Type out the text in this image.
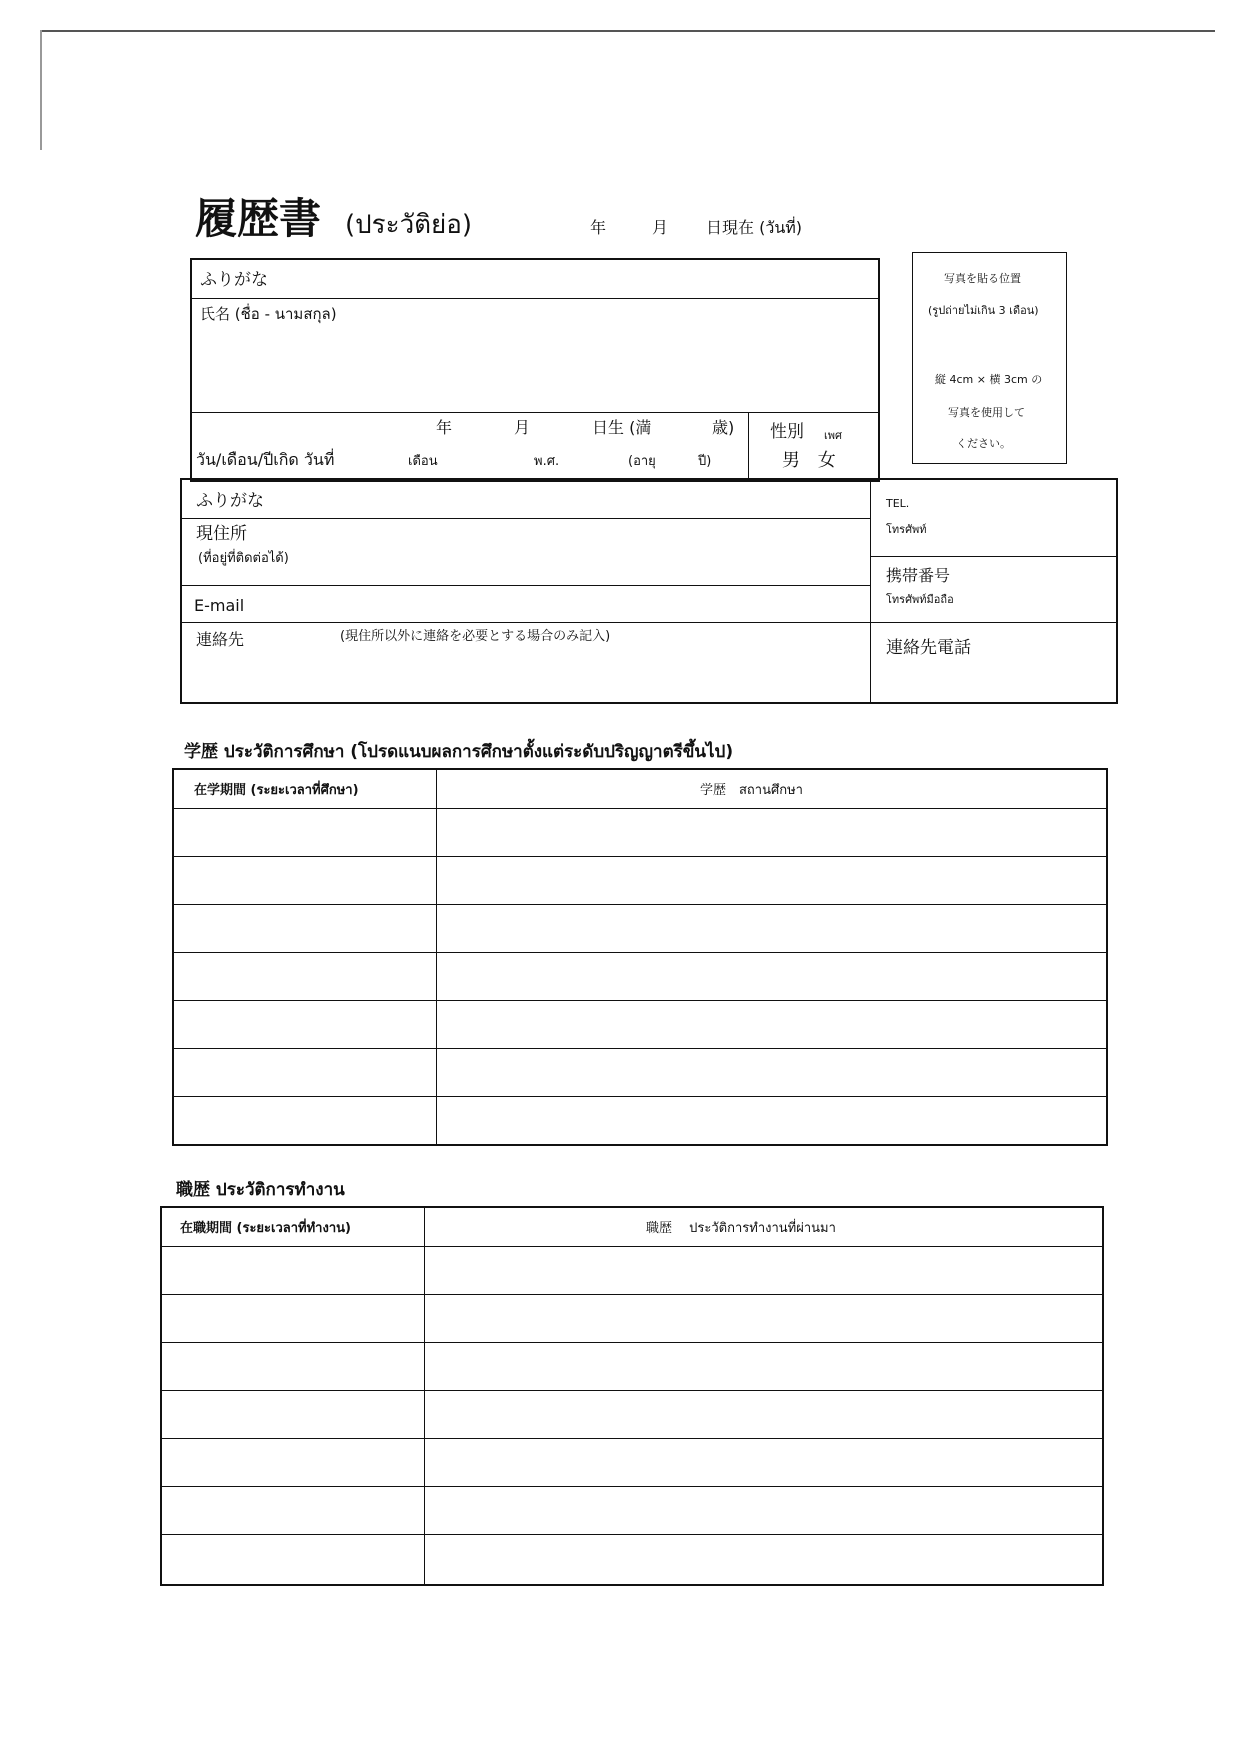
履歴書 (ประวัติย่อ)	年	月 日現在 (วันที่)
ふりがな
氏名 (ชื่อ - นามสกุล)
年	月	日生 (満	歳)
วัน/เดือน/ปีเกิด วันที่	เดือน	พ.ศ.	(อายุ	ปี)
性別 เพศ
男 女
写真を貼る位置
(รูปถ่ายไม่เกิน 3 เดือน)
縦 4cm × 横 3cm の
写真を使用して
ください。
ふりがな
現住所
(ที่อยู่ที่ติดต่อได้)
E-mail
連絡先	(現住所以外に連絡を必要とする場合のみ記入)
TEL.
โทรศัพท์
携帯番号
โทรศัพท์มือถือ
連絡先電話
学歴 ประวัติการศึกษา (โปรดแนบผลการศึกษาตั้งแต่ระดับปริญญาตรีขึ้นไป)
在学期間 (ระยะเวลาที่ศึกษา)	学歴　สถานศึกษา
職歴 ประวัติการทำงาน
在職期間 (ระยะเวลาที่ทำงาน)	職歴　 ประวัติการทำงานที่ผ่านมา
